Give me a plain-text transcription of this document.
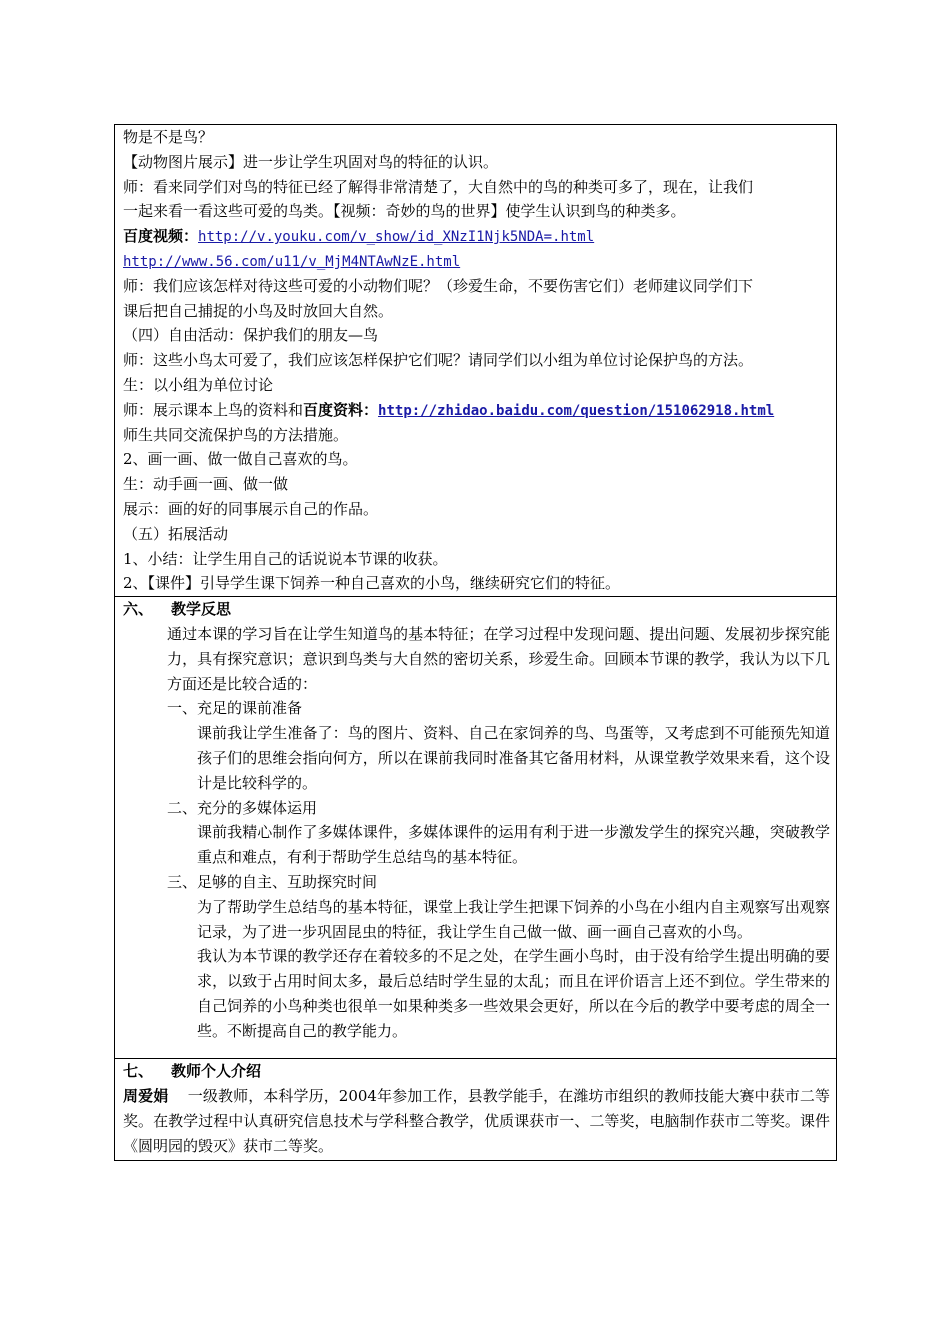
物是不是鸟？
【动物图片展示】进一步让学生巩固对鸟的特征的认识。
师：看来同学们对鸟的特征已经了解得非常清楚了，大自然中的鸟的种类可多了，现在，让我们
一起来看一看这些可爱的鸟类。【视频：奇妙的鸟的世界】使学生认识到鸟的种类多。
百度视频：http://v.youku.com/v_show/id_XNzI1Njk5NDA=.html
http://www.56.com/u11/v_MjM4NTAwNzE.html
师：我们应该怎样对待这些可爱的小动物们呢？（珍爱生命，不要伤害它们）老师建议同学们下
课后把自己捕捉的小鸟及时放回大自然。
（四）自由活动：保护我们的朋友—鸟
师：这些小鸟太可爱了，我们应该怎样保护它们呢？请同学们以小组为单位讨论保护鸟的方法。
生：以小组为单位讨论
师：展示课本上鸟的资料和百度资料：http://zhidao.baidu.com/question/151062918.html
师生共同交流保护鸟的方法措施。
2、画一画、做一做自己喜欢的鸟。
生：动手画一画、做一做
展示：画的好的同事展示自己的作品。
（五）拓展活动
1、小结：让学生用自己的话说说本节课的收获。
2、【课件】引导学生课下饲养一种自己喜欢的小鸟，继续研究它们的特征。

六、 教学反思
通过本课的学习旨在让学生知道鸟的基本特征；在学习过程中发现问题、提出问题、发展初步探究能力，具有探究意识；意识到鸟类与大自然的密切关系，珍爱生命。回顾本节课的教学，我认为以下几方面还是比较合适的：
一、充足的课前准备
课前我让学生准备了：鸟的图片、资料、自己在家饲养的鸟、鸟蛋等，又考虑到不可能预先知道孩子们的思维会指向何方，所以在课前我同时准备其它备用材料，从课堂教学效果来看，这个设计是比较科学的。
二、充分的多媒体运用
课前我精心制作了多媒体课件，多媒体课件的运用有利于进一步激发学生的探究兴趣，突破教学重点和难点，有利于帮助学生总结鸟的基本特征。
三、足够的自主、互助探究时间
为了帮助学生总结鸟的基本特征，课堂上我让学生把课下饲养的小鸟在小组内自主观察写出观察记录，为了进一步巩固昆虫的特征，我让学生自己做一做、画一画自己喜欢的小鸟。
我认为本节课的教学还存在着较多的不足之处，在学生画小鸟时，由于没有给学生提出明确的要求，以致于占用时间太多，最后总结时学生显的太乱；而且在评价语言上还不到位。学生带来的自己饲养的小鸟种类也很单一如果种类多一些效果会更好，所以在今后的教学中要考虑的周全一些。不断提高自己的教学能力。

七、 教师个人介绍
周爱娟 一级教师，本科学历，2004年参加工作，县教学能手，在潍坊市组织的教师技能大赛中获市二等奖。在教学过程中认真研究信息技术与学科整合教学，优质课获市一、二等奖，电脑制作获市二等奖。课件《圆明园的毁灭》获市二等奖。
